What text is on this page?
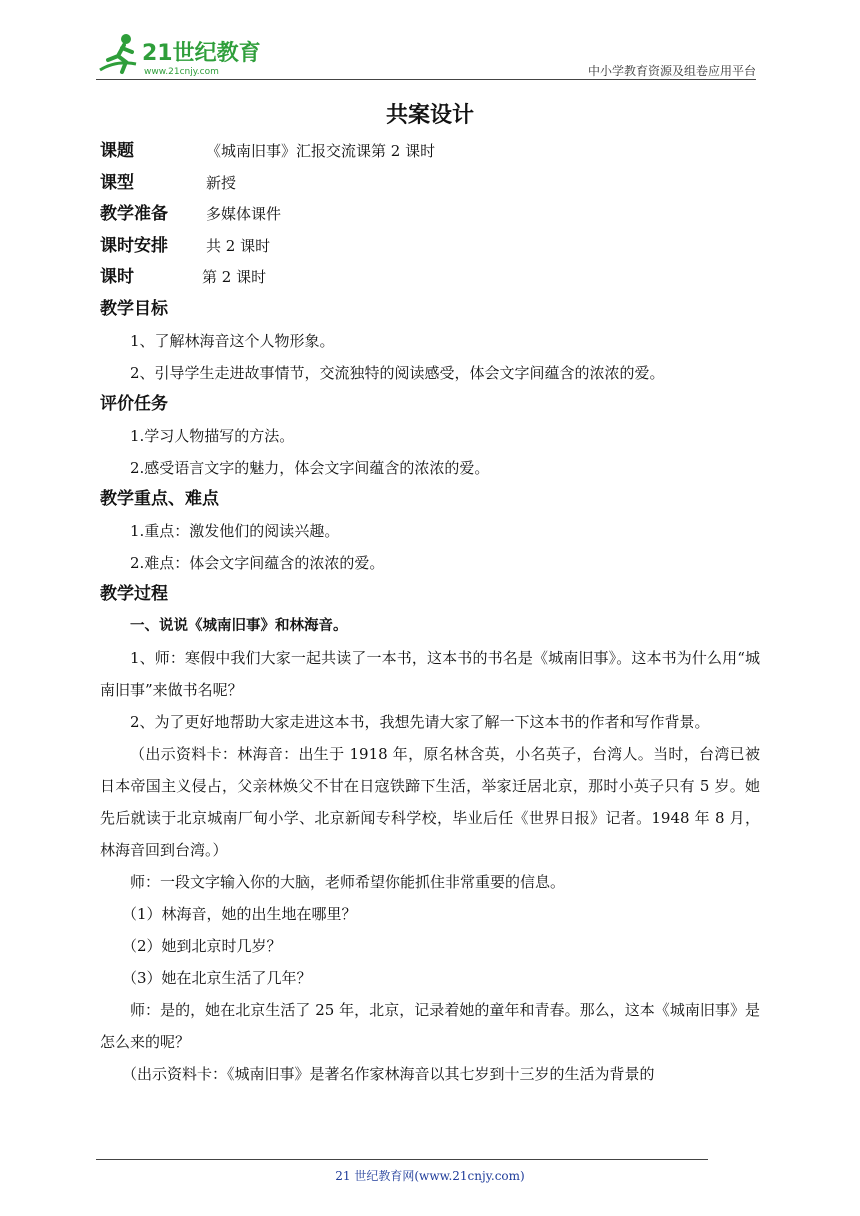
21世纪教育
www.21cnjy.com	中小学教育资源及组卷应用平台
共案设计
课题	《城南旧事》汇报交流课第 2 课时
课型	新授
教学准备	多媒体课件
课时安排	共 2 课时
课时	第 2 课时
教学目标

1、了解林海音这个人物形象。

2、引导学生走进故事情节，交流独特的阅读感受，体会文字间蕴含的浓浓的爱。

评价任务

1.学习人物描写的方法。

2.感受语言文字的魅力，体会文字间蕴含的浓浓的爱。

教学重点、难点

1.重点：激发他们的阅读兴趣。

2.难点：体会文字间蕴含的浓浓的爱。

教学过程

一、说说《城南旧事》和林海音。

1、师：寒假中我们大家一起共读了一本书，这本书的书名是《城南旧事》。这本书为什么用“城南旧事”来做书名呢？

2、为了更好地帮助大家走进这本书，我想先请大家了解一下这本书的作者和写作背景。

（出示资料卡：林海音：出生于 1918 年，原名林含英，小名英子，台湾人。当时，台湾已被日本帝国主义侵占，父亲林焕父不甘在日寇铁蹄下生活，举家迁居北京，那时小英子只有 5 岁。她先后就读于北京城南厂甸小学、北京新闻专科学校，毕业后任《世界日报》记者。1948 年 8 月，林海音回到台湾。）

师：一段文字输入你的大脑，老师希望你能抓住非常重要的信息。

（1）林海音，她的出生地在哪里？

（2）她到北京时几岁？

（3）她在北京生活了几年？

师：是的，她在北京生活了 25 年，北京，记录着她的童年和青春。那么，这本《城南旧事》是怎么来的呢？

（出示资料卡：《城南旧事》是著名作家林海音以其七岁到十三岁的生活为背景的

21 世纪教育网(www.21cnjy.com)
